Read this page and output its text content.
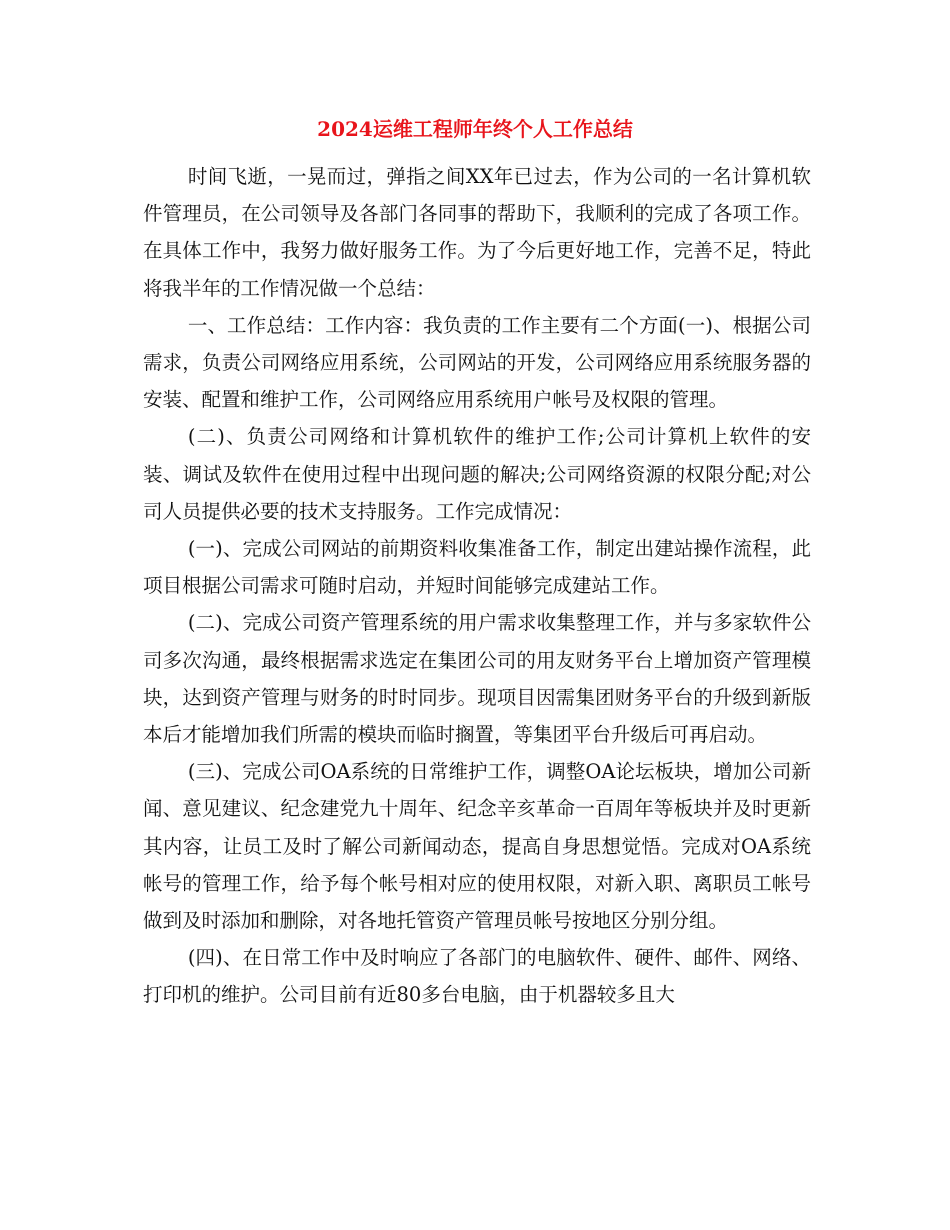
2024运维工程师年终个人工作总结

时间飞逝，一晃而过，弹指之间XX年已过去，作为公司的一名计算机软件管理员，在公司领导及各部门各同事的帮助下，我顺利的完成了各项工作。在具体工作中，我努力做好服务工作。为了今后更好地工作，完善不足，特此将我半年的工作情况做一个总结：

一、工作总结：工作内容：我负责的工作主要有二个方面(一)、根据公司需求，负责公司网络应用系统，公司网站的开发，公司网络应用系统服务器的安装、配置和维护工作，公司网络应用系统用户帐号及权限的管理。

(二)、负责公司网络和计算机软件的维护工作;公司计算机上软件的安装、调试及软件在使用过程中出现问题的解决;公司网络资源的权限分配;对公司人员提供必要的技术支持服务。工作完成情况：

(一)、完成公司网站的前期资料收集准备工作，制定出建站操作流程，此项目根据公司需求可随时启动，并短时间能够完成建站工作。

(二)、完成公司资产管理系统的用户需求收集整理工作，并与多家软件公司多次沟通，最终根据需求选定在集团公司的用友财务平台上增加资产管理模块，达到资产管理与财务的时时同步。现项目因需集团财务平台的升级到新版本后才能增加我们所需的模块而临时搁置，等集团平台升级后可再启动。

(三)、完成公司OA系统的日常维护工作，调整OA论坛板块，增加公司新闻、意见建议、纪念建党九十周年、纪念辛亥革命一百周年等板块并及时更新其内容，让员工及时了解公司新闻动态，提高自身思想觉悟。完成对OA系统帐号的管理工作，给予每个帐号相对应的使用权限，对新入职、离职员工帐号做到及时添加和删除，对各地托管资产管理员帐号按地区分别分组。

(四)、在日常工作中及时响应了各部门的电脑软件、硬件、邮件、网络、打印机的维护。公司目前有近80多台电脑，由于机器较多且大
